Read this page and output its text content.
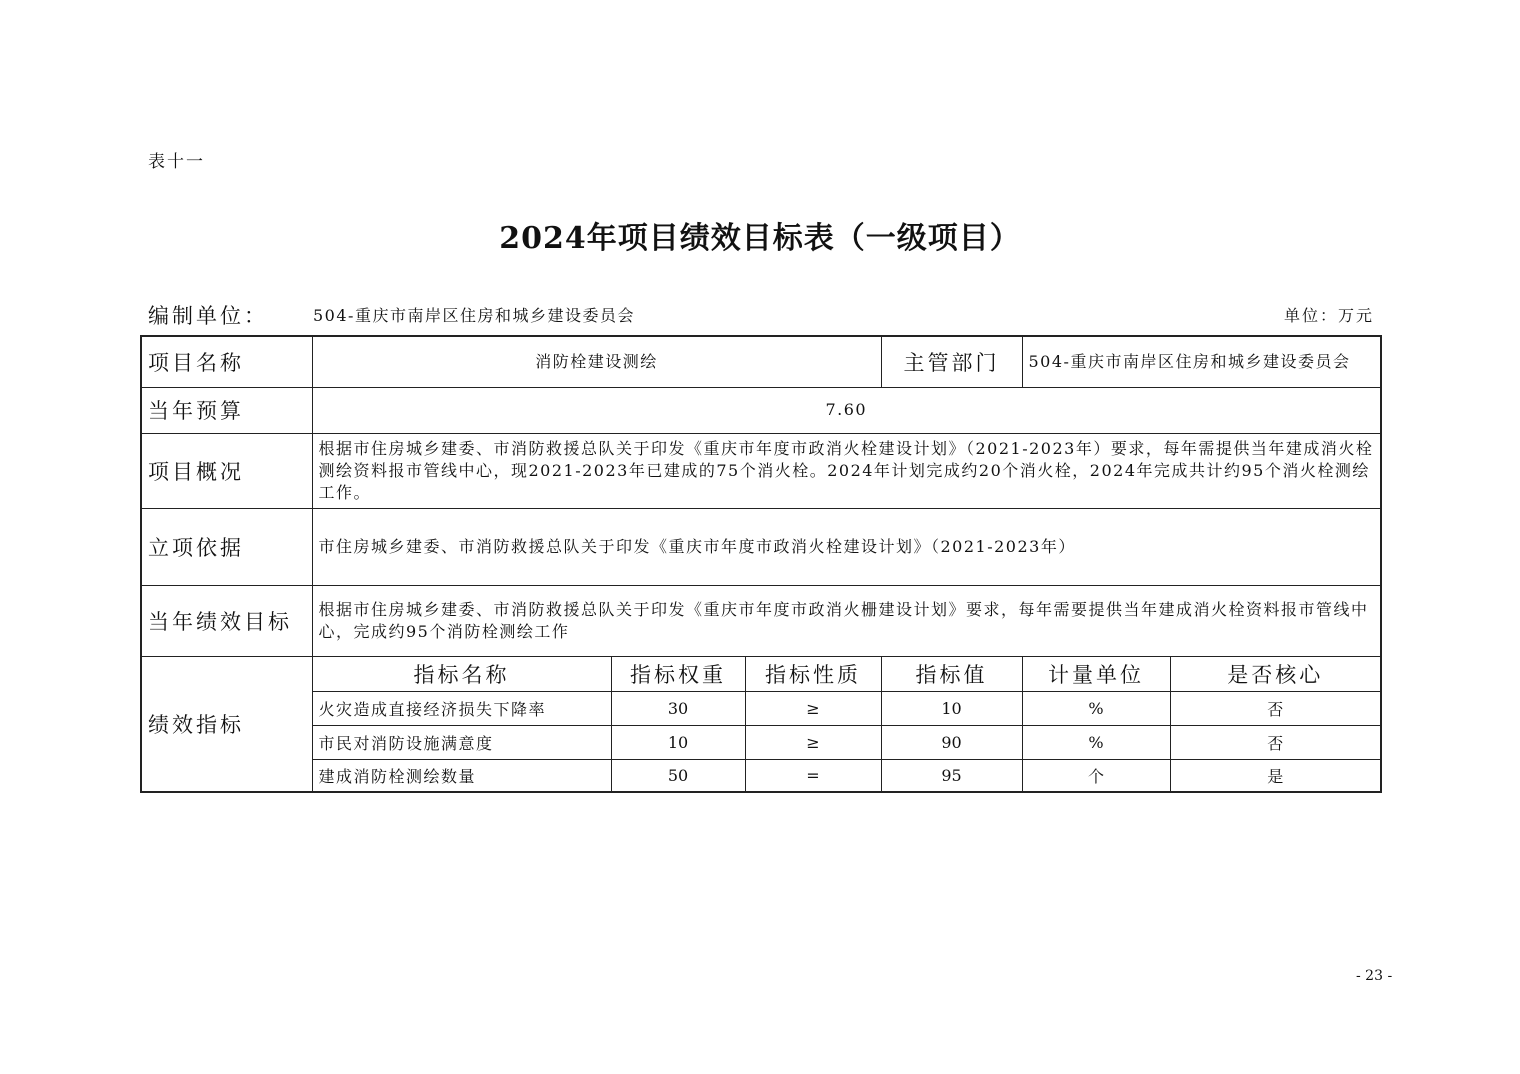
表十一
2024年项目绩效目标表（一级项目）
编制单位：	504-重庆市南岸区住房和城乡建设委员会	单位：万元
项目名称	消防栓建设测绘			主管部门	504-重庆市南岸区住房和城乡建设委员会	
当年预算	7.60					
项目概况	根据市住房城乡建委、市消防救援总队关于印发《重庆市年度市政消火栓建设计划》（2021-2023年）要求，每年需提供当年建成消火栓测绘资料报市管线中心，现2021-2023年已建成的75个消火栓。2024年计划完成约20个消火栓，2024年完成共计约95个消火栓测绘工作。					
立项依据	市住房城乡建委、市消防救援总队关于印发《重庆市年度市政消火栓建设计划》（2021-2023年）					
当年绩效目标	根据市住房城乡建委、市消防救援总队关于印发《重庆市年度市政消火栅建设计划》要求，每年需要提供当年建成消火栓资料报市管线中心，完成约95个消防栓测绘工作					
绩效指标	指标名称	指标权重	指标性质	指标值	计量单位	是否核心
	火灾造成直接经济损失下降率	30	≥	10	%	否
	市民对消防设施满意度	10	≥	90	%	否
	建成消防栓测绘数量	50	=	95	个	是
- 23 -
